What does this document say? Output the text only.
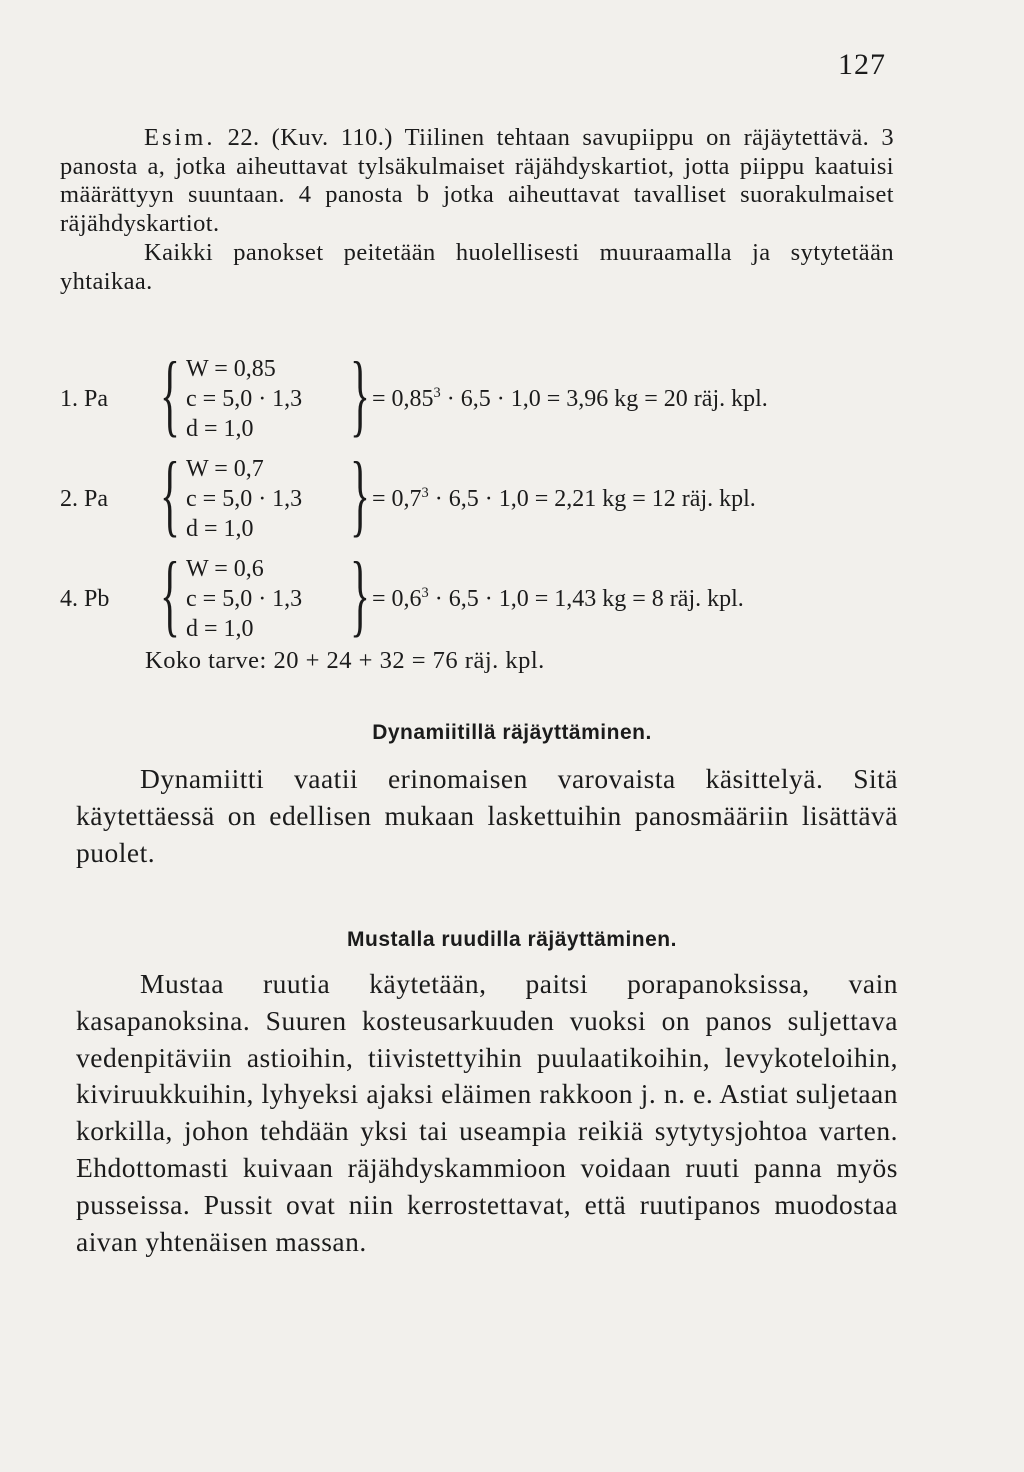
127

Esim. 22. (Kuv. 110.) Tiilinen tehtaan savupiippu on räjäytettävä. 3 panosta a, jotka aiheuttavat tylsäkulmaiset räjähdyskartiot, jotta piippu kaatuisi määrättyyn suuntaan. 4 panosta b jotka aiheuttavat tavalliset suorakulmaiset räjähdyskartiot.

Kaikki panokset peitetään huolellisesti muuraamalla ja sytytetään yhtaikaa.

1. Pa { W = 0,85
c = 5,0 · 1,3
d = 1,0	} = $0,85^3 \cdot 6,5 \cdot 1,0 = 3,96$ kg = 20 räj. kpl.
2. Pa { W = 0,7
c = 5,0 · 1,3
d = 1,0	} = $0,7^3 \cdot 6,5 \cdot 1,0 = 2,21$ kg = 12 räj. kpl.
4. Pb { W = 0,6
c = 5,0 · 1,3
d = 1,0	} = $0,6^3 \cdot 6,5 \cdot 1,0 = 1,43$ kg = 8 räj. kpl.
Koko tarve: 20 + 24 + 32 = 76 räj. kpl.
Dynamiitillä räjäyttäminen.

Dynamiitti vaatii erinomaisen varovaista käsittelyä. Sitä käytettäessä on edellisen mukaan laskettuihin panosmääriin lisättävä puolet.

Mustalla ruudilla räjäyttäminen.

Mustaa ruutia käytetään, paitsi porapanoksissa, vain kasapanoksina. Suuren kosteusarkuuden vuoksi on panos suljettava vedenpitäviin astioihin, tiivistettyihin puulaatikoihin, levykoteloihin, kiviruukkuihin, lyhyeksi ajaksi eläimen rakkoon j. n. e. Astiat suljetaan korkilla, johon tehdään yksi tai useampia reikiä sytytysjohtoa varten. Ehdottomasti kuivaan räjähdyskammioon voidaan ruuti panna myös pusseissa. Pussit ovat niin kerrostettavat, että ruutipanos muodostaa aivan yhtenäisen massan.
